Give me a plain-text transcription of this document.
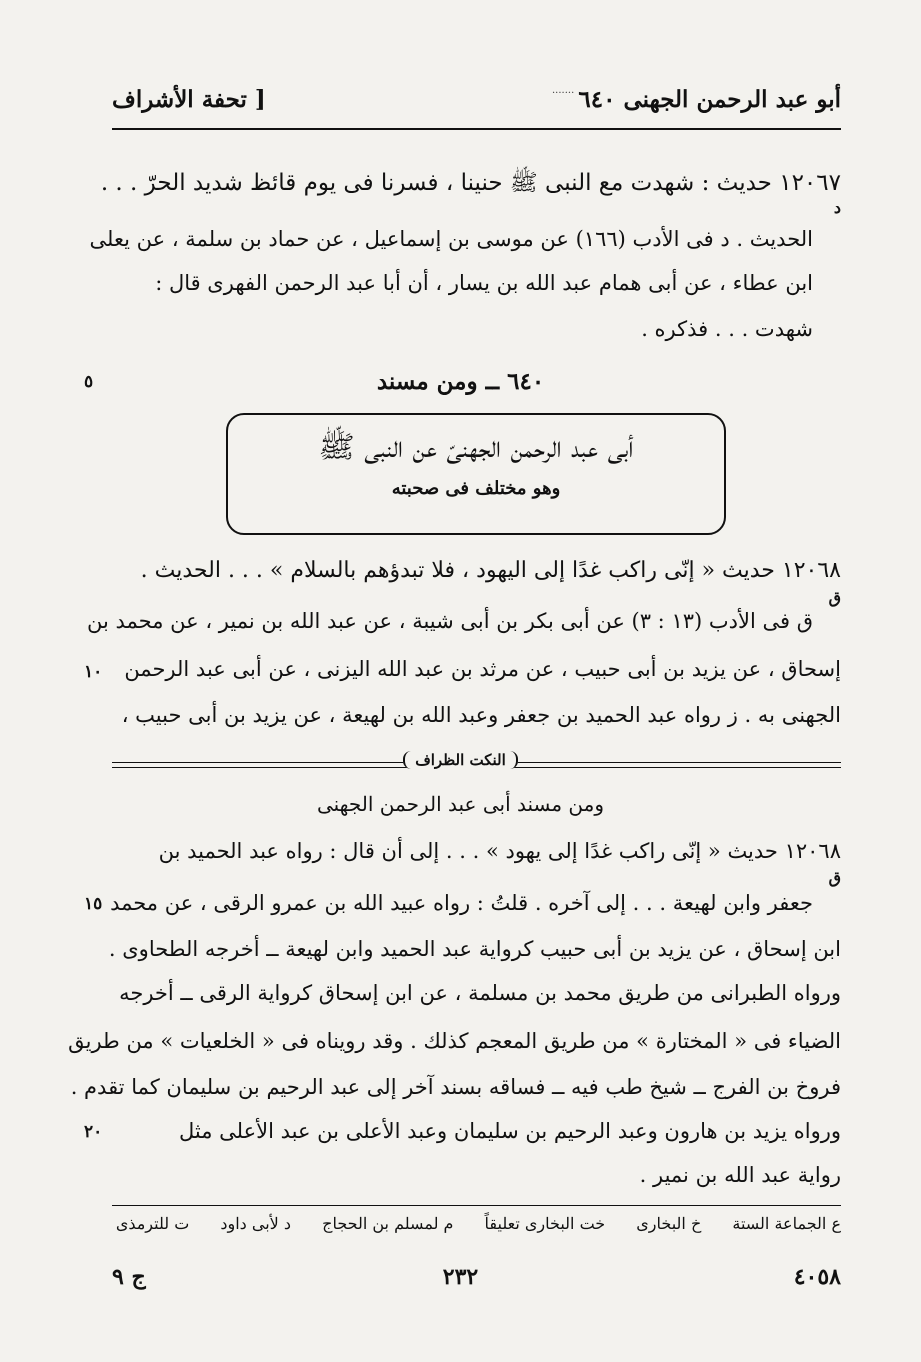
أبو عبد الرحمن الجهنى ٦٤٠
[ تحفة الأشراف	·······
١٢٠٦٧ حديث : شهدت مع النبى ﷺ حنينا ، فسرنا فى يوم قائظ شديد الحرّ . . .
د
الحديث . د فى الأدب (١٦٦) عن موسى بن إسماعيل ، عن حماد بن سلمة ، عن يعلى
ابن عطاء ، عن أبى همام عبد الله بن يسار ، أن أبا عبد الرحمن الفهرى قال :
شهدت . . . فذكره .
٦٤٠ ــ ومن مسند
٥
أبى عبد الرحمن الجهنىّ عن النبى ﷺ
وهو مختلف فى صحبته
١٢٠٦٨ حديث « إنّى راكب غدًا إلى اليهود ، فلا تبدؤهم بالسلام » . . . الحديث .
ق
ق فى الأدب (١٣ : ٣) عن أبى بكر بن أبى شيبة ، عن عبد الله بن نمير ، عن محمد بن
إسحاق ، عن يزيد بن أبى حبيب ، عن مرثد بن عبد الله اليزنى ، عن أبى عبد الرحمن
١٠
الجهنى به . ز رواه عبد الحميد بن جعفر وعبد الله بن لهيعة ، عن يزيد بن أبى حبيب ،
النكت الظراف
ومن مسند أبى عبد الرحمن الجهنى
١٢٠٦٨ حديث « إنّى راكب غدًا إلى يهود » . . . إلى أن قال : رواه عبد الحميد بن
ق
جعفر وابن لهيعة . . . إلى آخره . قلتُ : رواه عبيد الله بن عمرو الرقى ، عن محمد
١٥
ابن إسحاق ، عن يزيد بن أبى حبيب كرواية عبد الحميد وابن لهيعة ــ أخرجه الطحاوى .
ورواه الطبرانى من طريق محمد بن مسلمة ، عن ابن إسحاق كرواية الرقى ــ أخرجه
الضياء فى « المختارة » من طريق المعجم كذلك . وقد رويناه فى « الخلعيات » من طريق
فروخ بن الفرج ــ شيخ طب فيه ــ فساقه بسند آخر إلى عبد الرحيم بن سليمان كما تقدم .
ورواه يزيد بن هارون وعبد الرحيم بن سليمان وعبد الأعلى بن عبد الأعلى مثل
٢٠
رواية عبد الله بن نمير .
ع الجماعة الستة خ البخارى خت البخارى تعليقاً م لمسلم بن الحجاج د لأبى داود ت للترمذى
٤٠٥٨
٢٣٢
ج ٩
